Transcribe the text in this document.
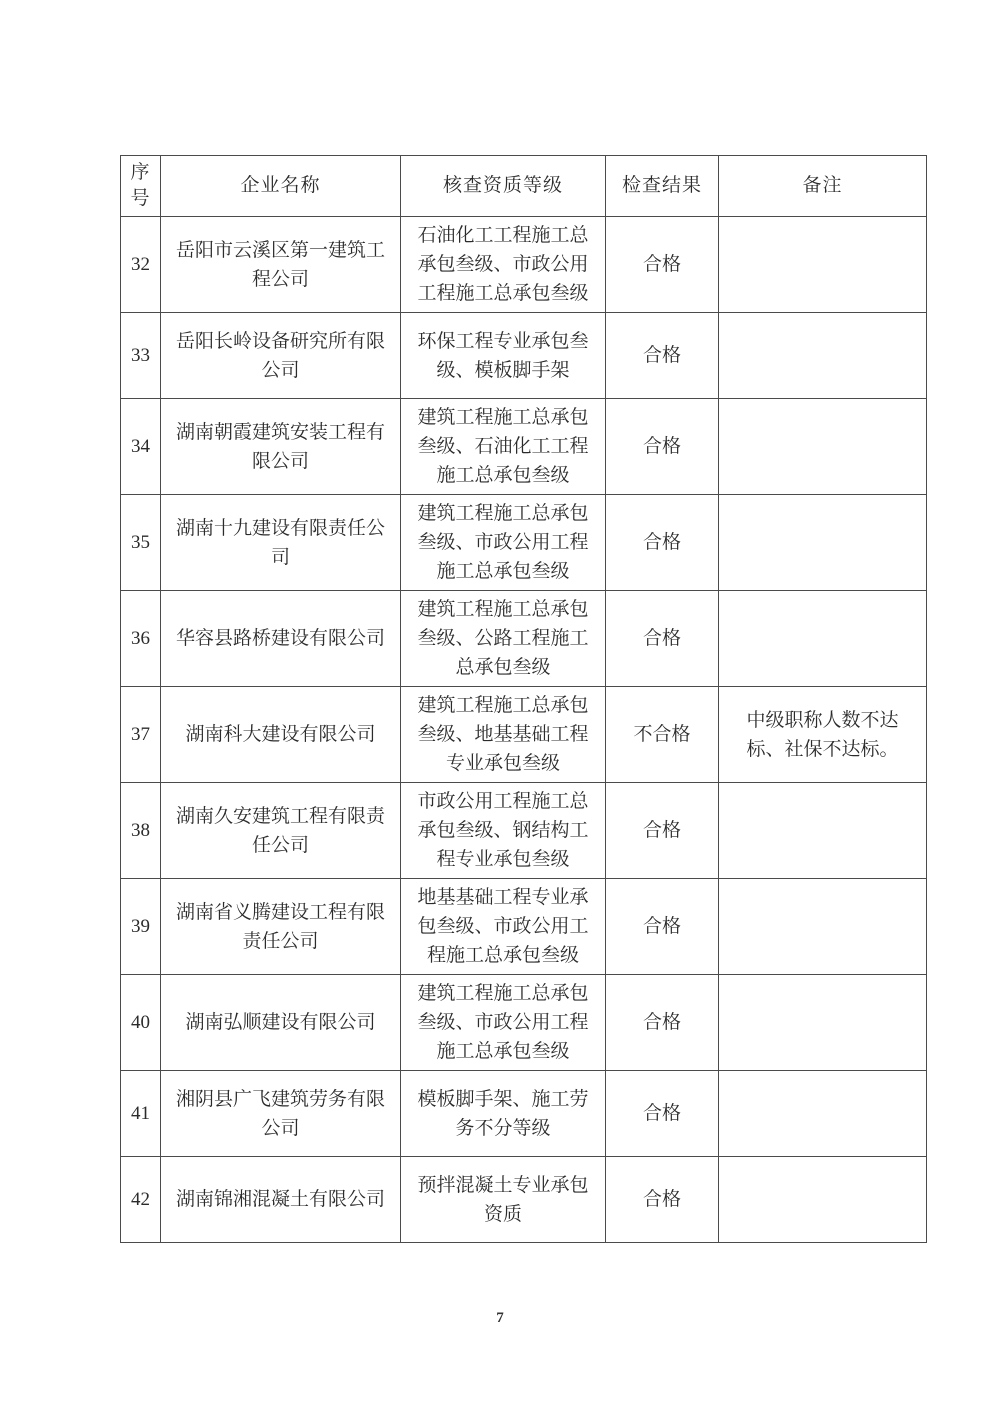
序号	企业名称	核查资质等级	检查结果	备注
32	岳阳市云溪区第一建筑工程公司	石油化工工程施工总承包叁级、市政公用工程施工总承包叁级	合格	
33	岳阳长岭设备研究所有限公司	环保工程专业承包叁级、模板脚手架	合格	
34	湖南朝霞建筑安装工程有限公司	建筑工程施工总承包叁级、石油化工工程施工总承包叁级	合格	
35	湖南十九建设有限责任公司	建筑工程施工总承包叁级、市政公用工程施工总承包叁级	合格	
36	华容县路桥建设有限公司	建筑工程施工总承包叁级、公路工程施工总承包叁级	合格	
37	湖南科大建设有限公司	建筑工程施工总承包叁级、地基基础工程专业承包叁级	不合格	中级职称人数不达标、社保不达标。
38	湖南久安建筑工程有限责任公司	市政公用工程施工总承包叁级、钢结构工程专业承包叁级	合格	
39	湖南省义腾建设工程有限责任公司	地基基础工程专业承包叁级、市政公用工程施工总承包叁级	合格	
40	湖南弘顺建设有限公司	建筑工程施工总承包叁级、市政公用工程施工总承包叁级	合格	
41	湘阴县广飞建筑劳务有限公司	模板脚手架、施工劳务不分等级	合格	
42	湖南锦湘混凝土有限公司	预拌混凝土专业承包资质	合格	
7
